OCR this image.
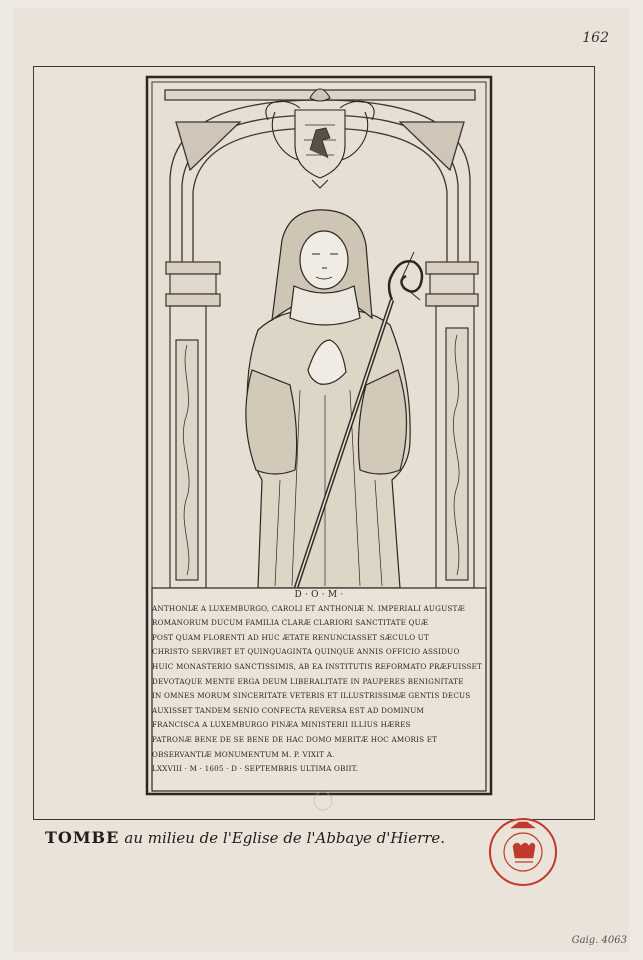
162
D · O · M ·
ANTHONIÆ A LUXEMBURGO, CAROLI ET ANTHONIÆ N. IMPERIALI AUGUSTÆ
ROMANORUM DUCUM FAMILIA CLARÆ CLARIORI SANCTITATE QUÆ
POST QUAM FLORENTI AD HUC ÆTATE RENUNCIASSET SÆCULO UT
CHRISTO SERVIRET ET QUINQUAGINTA QUINQUE ANNIS OFFICIO ASSIDUO
HUIC MONASTERIO SANCTISSIMIS, AB EA INSTITUTIS REFORMATO PRÆFUISSET
DEVOTAQUE MENTE ERGA DEUM LIBERALITATE IN PAUPERES BENIGNITATE
IN OMNES MORUM SINCERITATE VETERIS ET ILLUSTRISSIMÆ GENTIS DECUS
AUXISSET TANDEM SENIO CONFECTA REVERSA EST AD DOMINUM
FRANCISCA A LUXEMBURGO PINÆA MINISTERII ILLIUS HÆRES
PATRONÆ BENE DE SE BENE DE HAC DOMO MERITÆ HOC AMORIS ET
OBSERVANTIÆ MONUMENTUM M. P. VIXIT A.
LXXVIII · M · 1605 · D · SEPTEMBRIS ULTIMA OBIIT.
TOMBE au milieu de l'Eglise de l'Abbaye d'Hierre.
Gaig. 4063
